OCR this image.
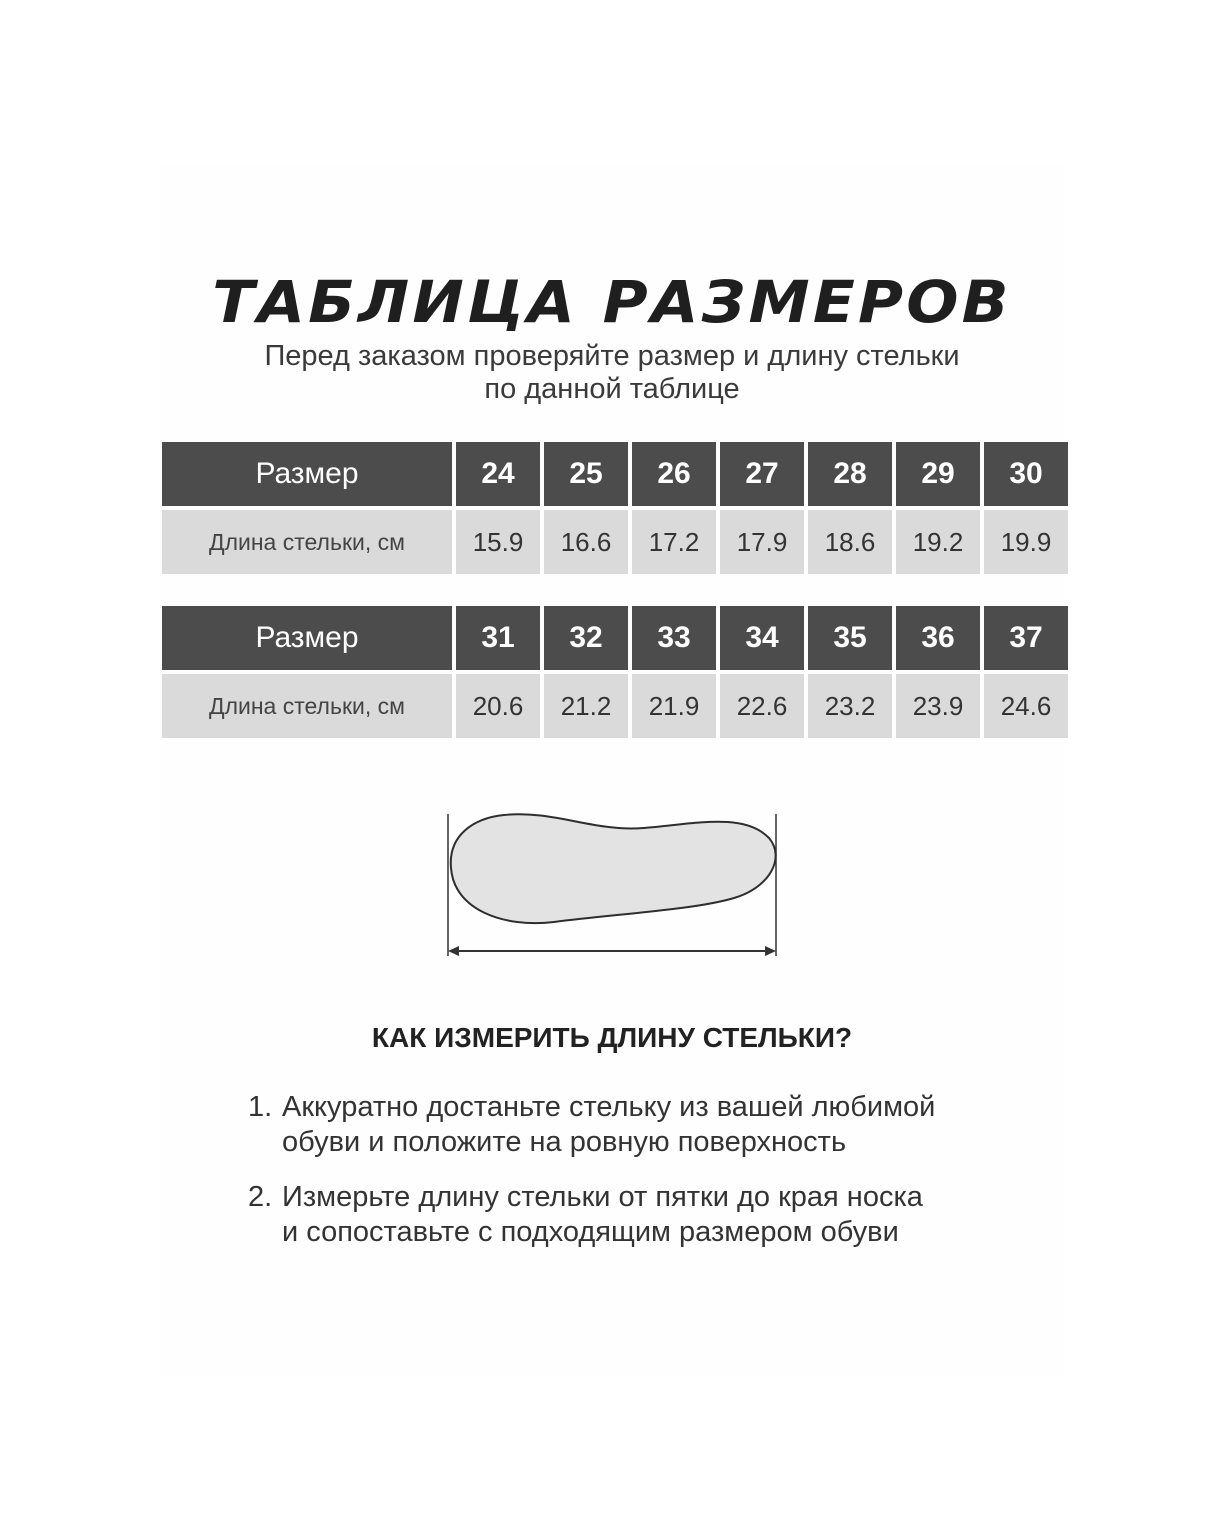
ТАБЛИЦА РАЗМЕРОВ
Перед заказом проверяйте размер и длину стельки
по данной таблице
Размер	24	25	26	27	28	29	30
Длина стельки, см	15.9	16.6	17.2	17.9	18.6	19.2	19.9
Размер	31	32	33	34	35	36	37
Длина стельки, см	20.6	21.2	21.9	22.6	23.2	23.9	24.6
КАК ИЗМЕРИТЬ ДЛИНУ СТЕЛЬКИ?
1. Аккуратно достаньте стельку из вашей любимой
обуви и положите на ровную поверхность
2. Измерьте длину стельки от пятки до края носка
и сопоставьте с подходящим размером обуви
